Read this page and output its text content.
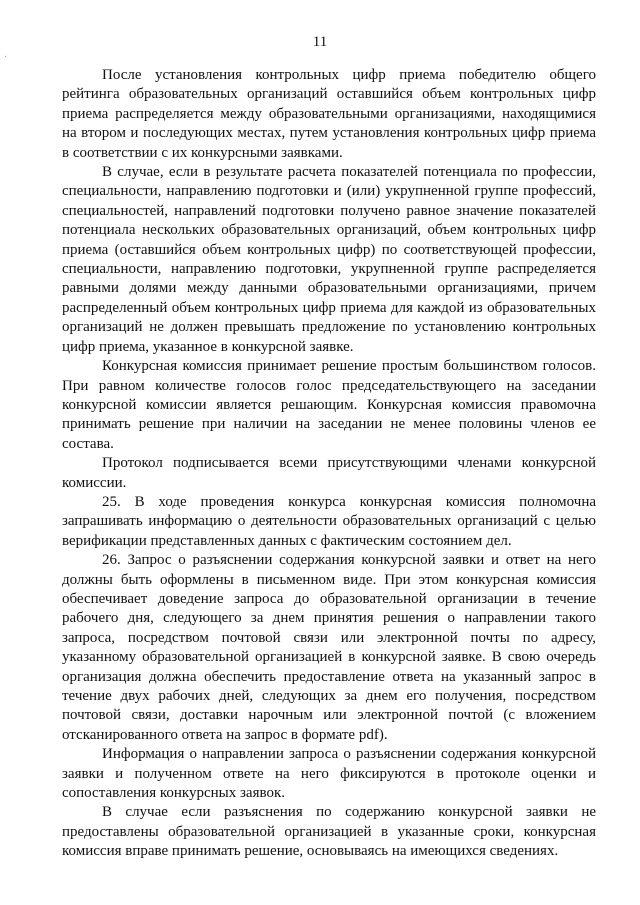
·
11

После установления контрольных цифр приема победителю общего рейтинга образовательных организаций оставшийся объем контрольных цифр приема распределяется между образовательными организациями, находящимися на втором и последующих местах, путем установления контрольных цифр приема в соответствии с их конкурсными заявками.

В случае, если в результате расчета показателей потенциала по профессии, специальности, направлению подготовки и (или) укрупненной группе профессий, специальностей, направлений подготовки получено равное значение показателей потенциала нескольких образовательных организаций, объем контрольных цифр приема (оставшийся объем контрольных цифр) по соответствующей профессии, специальности, направлению подготовки, укрупненной группе распределяется равными долями между данными образовательными организациями, причем распределенный объем контрольных цифр приема для каждой из образовательных организаций не должен превышать предложение по установлению контрольных цифр приема, указанное в конкурсной заявке.

Конкурсная комиссия принимает решение простым большинством голосов. При равном количестве голосов голос председательствующего на заседании конкурсной комиссии является решающим. Конкурсная комиссия правомочна принимать решение при наличии на заседании не менее половины членов ее состава.

Протокол подписывается всеми присутствующими членами конкурсной комиссии.

25. В ходе проведения конкурса конкурсная комиссия полномочна запрашивать информацию о деятельности образовательных организаций с целью верификации представленных данных с фактическим состоянием дел.

26. Запрос о разъяснении содержания конкурсной заявки и ответ на него должны быть оформлены в письменном виде. При этом конкурсная комиссия обеспечивает доведение запроса до образовательной организации в течение рабочего дня, следующего за днем принятия решения о направлении такого запроса, посредством почтовой связи или электронной почты по адресу, указанному образовательной организацией в конкурсной заявке. В свою очередь организация должна обеспечить предоставление ответа на указанный запрос в течение двух рабочих дней, следующих за днем его получения, посредством почтовой связи, доставки нарочным или электронной почтой (с вложением отсканированного ответа на запрос в формате pdf).

Информация о направлении запроса о разъяснении содержания конкурсной заявки и полученном ответе на него фиксируются в протоколе оценки и сопоставления конкурсных заявок.

В случае если разъяснения по содержанию конкурсной заявки не предоставлены образовательной организацией в указанные сроки, конкурсная комиссия вправе принимать решение, основываясь на имеющихся сведениях.
